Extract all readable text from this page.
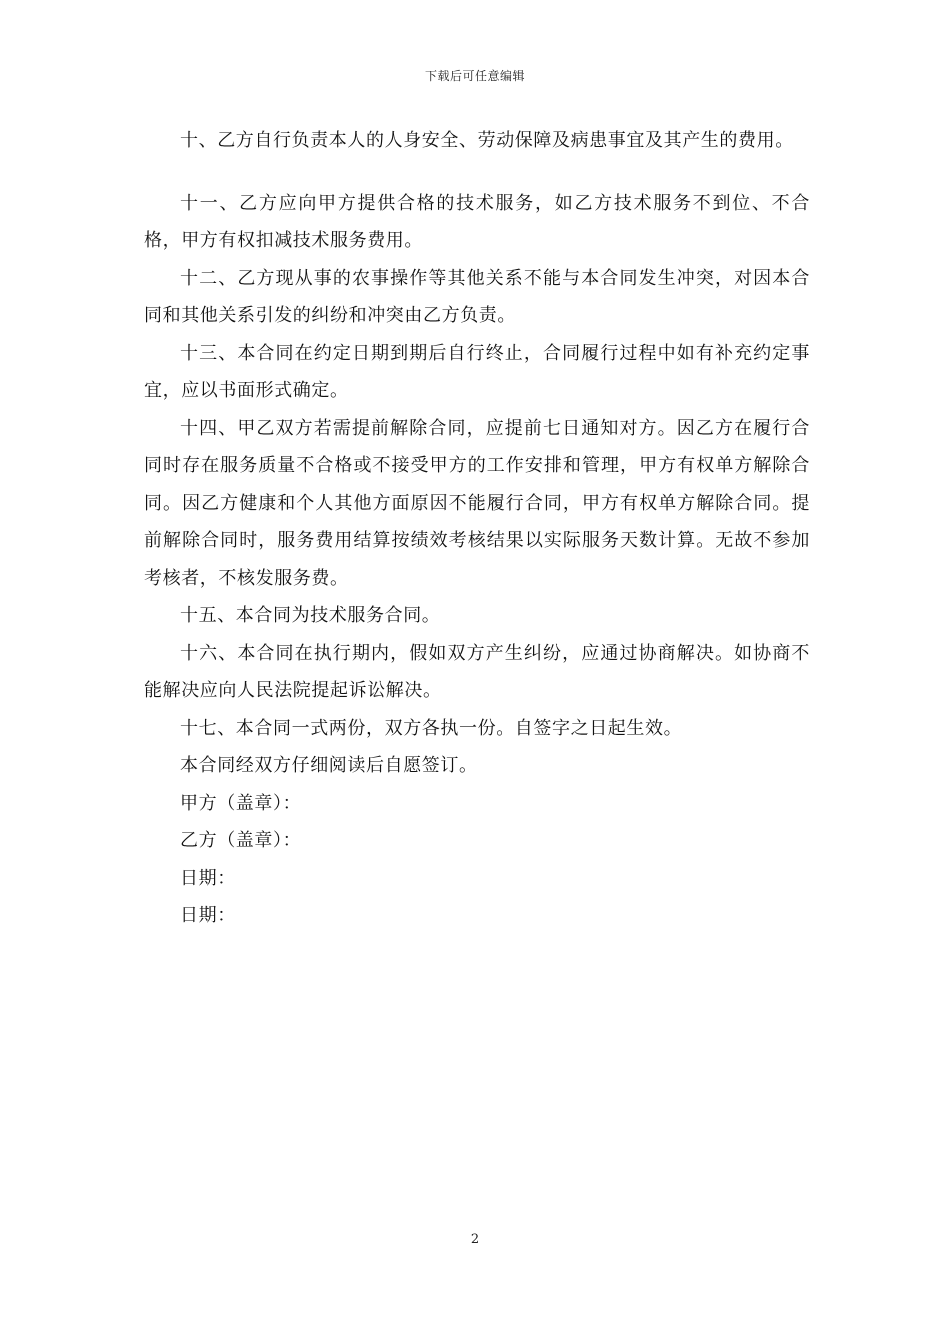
下载后可任意编辑

十、乙方自行负责本人的人身安全、劳动保障及病患事宜及其产生的费用。

十一、乙方应向甲方提供合格的技术服务，如乙方技术服务不到位、不合格，甲方有权扣减技术服务费用。

十二、乙方现从事的农事操作等其他关系不能与本合同发生冲突，对因本合同和其他关系引发的纠纷和冲突由乙方负责。

十三、本合同在约定日期到期后自行终止，合同履行过程中如有补充约定事宜，应以书面形式确定。

十四、甲乙双方若需提前解除合同，应提前七日通知对方。因乙方在履行合同时存在服务质量不合格或不接受甲方的工作安排和管理，甲方有权单方解除合同。因乙方健康和个人其他方面原因不能履行合同，甲方有权单方解除合同。提前解除合同时，服务费用结算按绩效考核结果以实际服务天数计算。无故不参加考核者，不核发服务费。

十五、本合同为技术服务合同。

十六、本合同在执行期内，假如双方产生纠纷，应通过协商解决。如协商不能解决应向人民法院提起诉讼解决。

十七、本合同一式两份，双方各执一份。自签字之日起生效。

本合同经双方仔细阅读后自愿签订。

甲方（盖章）：

乙方（盖章）：

日期：

日期：

2
